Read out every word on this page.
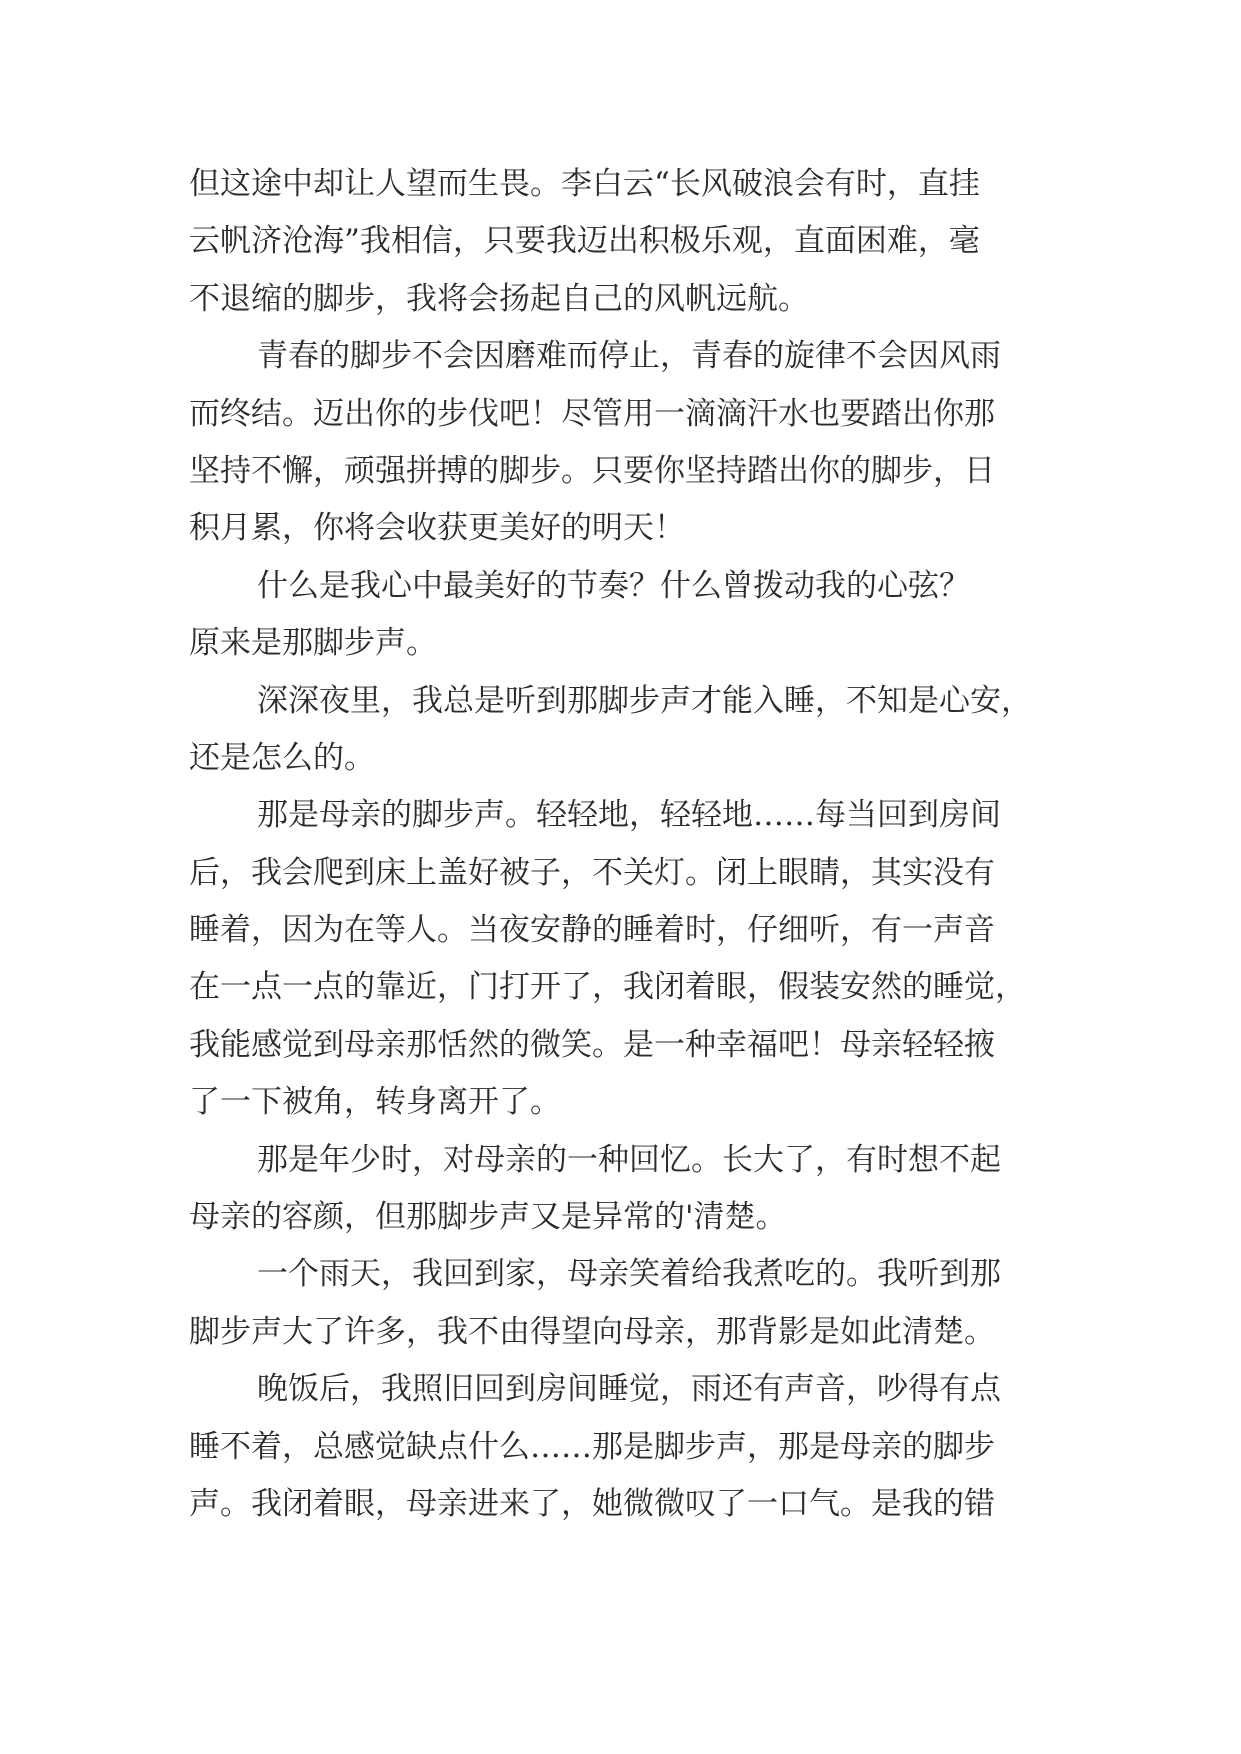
但这途中却让人望而生畏。李白云“长风破浪会有时，直挂
云帆济沧海”我相信，只要我迈出积极乐观，直面困难，毫
不退缩的脚步，我将会扬起自己的风帆远航。
青春的脚步不会因磨难而停止，青春的旋律不会因风雨
而终结。迈出你的步伐吧！尽管用一滴滴汗水也要踏出你那
坚持不懈，顽强拼搏的脚步。只要你坚持踏出你的脚步，日
积月累，你将会收获更美好的明天！
什么是我心中最美好的节奏？什么曾拨动我的心弦？
原来是那脚步声。
深深夜里，我总是听到那脚步声才能入睡，不知是心安，
还是怎么的。
那是母亲的脚步声。轻轻地，轻轻地……每当回到房间
后，我会爬到床上盖好被子，不关灯。闭上眼睛，其实没有
睡着，因为在等人。当夜安静的睡着时，仔细听，有一声音
在一点一点的靠近，门打开了，我闭着眼，假装安然的睡觉，
我能感觉到母亲那恬然的微笑。是一种幸福吧！母亲轻轻掖
了一下被角，转身离开了。
那是年少时，对母亲的一种回忆。长大了，有时想不起
母亲的容颜，但那脚步声又是异常的'清楚。
一个雨天，我回到家，母亲笑着给我煮吃的。我听到那
脚步声大了许多，我不由得望向母亲，那背影是如此清楚。
晚饭后，我照旧回到房间睡觉，雨还有声音，吵得有点
睡不着，总感觉缺点什么……那是脚步声，那是母亲的脚步
声。我闭着眼，母亲进来了，她微微叹了一口气。是我的错
